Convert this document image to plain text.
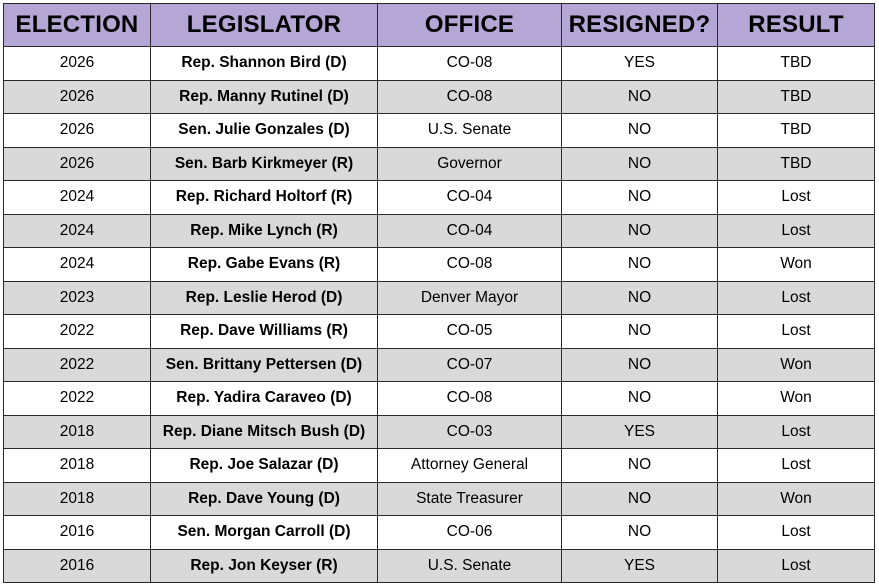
ELECTION	LEGISLATOR	OFFICE	RESIGNED?	RESULT
2026	Rep. Shannon Bird (D)	CO-08	YES	TBD
2026	Rep. Manny Rutinel (D)	CO-08	NO	TBD
2026	Sen. Julie Gonzales (D)	U.S. Senate	NO	TBD
2026	Sen. Barb Kirkmeyer (R)	Governor	NO	TBD
2024	Rep. Richard Holtorf (R)	CO-04	NO	Lost
2024	Rep. Mike Lynch (R)	CO-04	NO	Lost
2024	Rep. Gabe Evans (R)	CO-08	NO	Won
2023	Rep. Leslie Herod (D)	Denver Mayor	NO	Lost
2022	Rep. Dave Williams (R)	CO-05	NO	Lost
2022	Sen. Brittany Pettersen (D)	CO-07	NO	Won
2022	Rep. Yadira Caraveo (D)	CO-08	NO	Won
2018	Rep. Diane Mitsch Bush (D)	CO-03	YES	Lost
2018	Rep. Joe Salazar (D)	Attorney General	NO	Lost
2018	Rep. Dave Young (D)	State Treasurer	NO	Won
2016	Sen. Morgan Carroll (D)	CO-06	NO	Lost
2016	Rep. Jon Keyser (R)	U.S. Senate	YES	Lost
